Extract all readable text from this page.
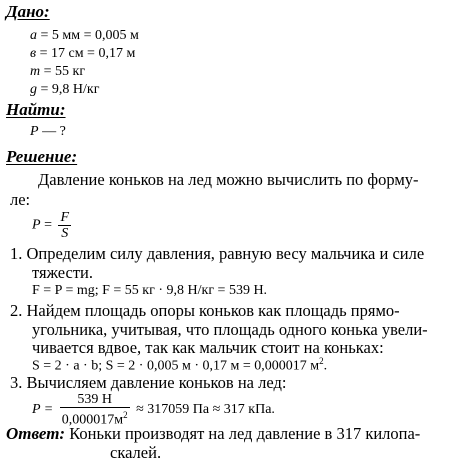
Дано:
а = 5 мм = 0,005 м
в = 17 см = 0,17 м
m = 55 кг
g = 9,8 Н/кг
Найти:
Р — ?
Решение:
Давление коньков на лед можно вычислить по форму-
ле:
$P = \frac{F}{S}$
1. Определим силу давления, равную весу мальчика и силе
тяжести.
F = P = mg; F = 55 кг · 9,8 Н/кг = 539 Н.
2. Найдем площадь опоры коньков как площадь прямо-
угольника, учитывая, что площадь одного конька увели-
чивается вдвое, так как мальчик стоит на коньках:
S = 2 · a · b; S = 2 · 0,005 м · 0,17 м = 0,000017 $м^2$.
3. Вычисляем давление коньков на лед:
$P = \frac{539 Н}{0,000017м^2} \approx 317059$ Па ≈ 317 кПа.
Ответ: Коньки производят на лед давление в 317 килопа-
скалей.
